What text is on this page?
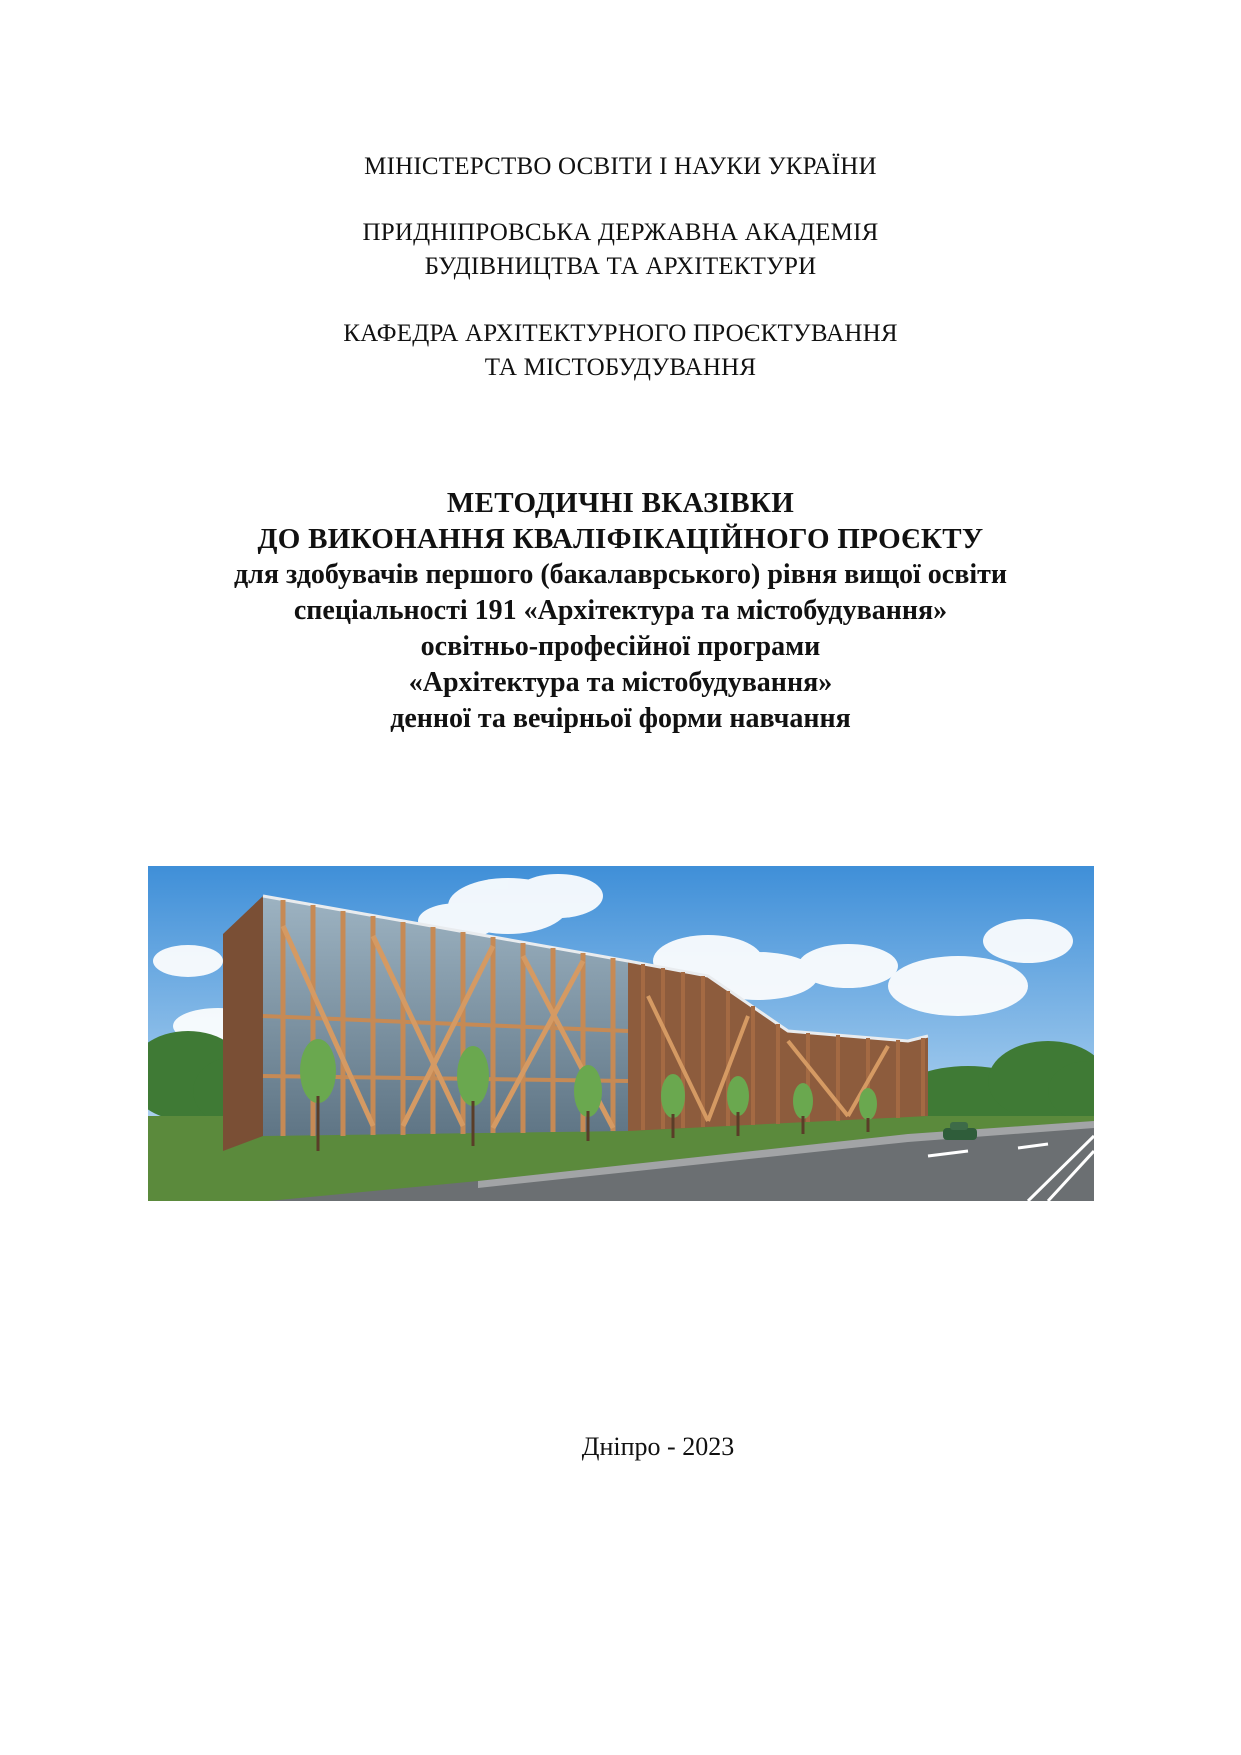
МІНІСТЕРСТВО ОСВІТИ І НАУКИ УКРАЇНИ
ПРИДНІПРОВСЬКА ДЕРЖАВНА АКАДЕМІЯ
БУДІВНИЦТВА ТА АРХІТЕКТУРИ
КАФЕДРА АРХІТЕКТУРНОГО ПРОЄКТУВАННЯ
ТА МІСТОБУДУВАННЯ
МЕТОДИЧНІ ВКАЗІВКИ
ДО ВИКОНАННЯ КВАЛІФІКАЦІЙНОГО ПРОЄКТУ
для здобувачів першого (бакалаврського) рівня вищої освіти
спеціальності 191 «Архітектура та містобудування»
освітньо-професійної програми
«Архітектура та містобудування»
денної та вечірньої форми навчання
Дніпро - 2023
